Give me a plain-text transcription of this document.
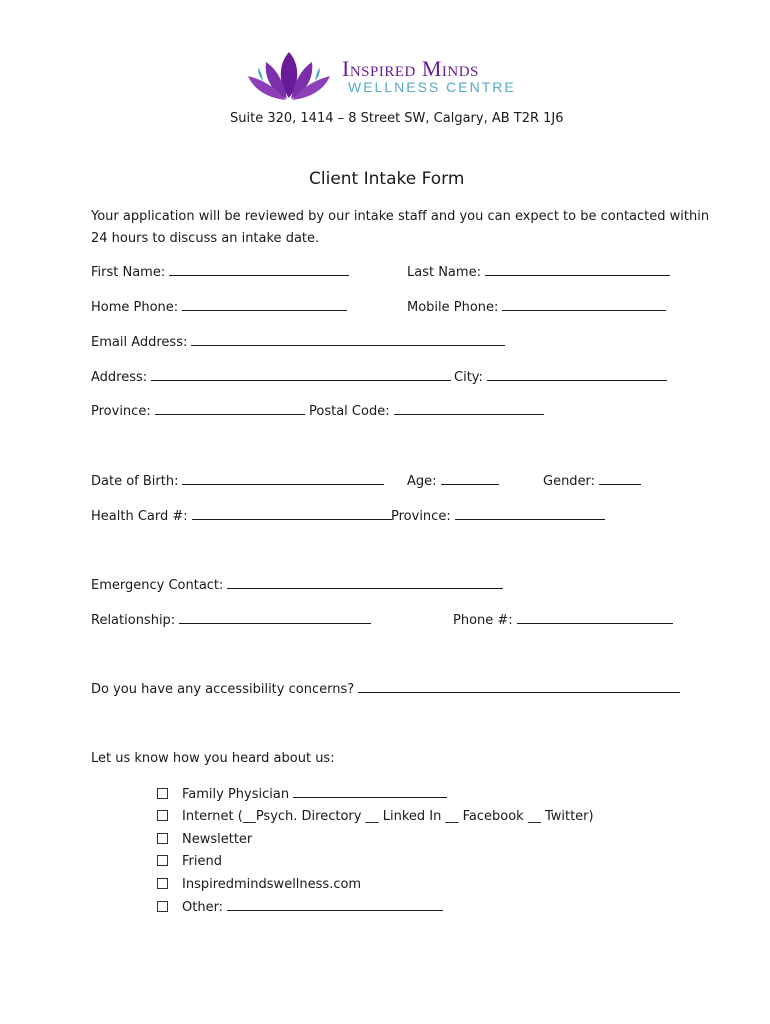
Inspired Minds
WELLNESS CENTRE
Suite 320, 1414 – 8 Street SW, Calgary, AB T2R 1J6
Client Intake Form
Your application will be reviewed by our intake staff and you can expect to be contacted within
24 hours to discuss an intake date.
First Name:	Last Name:
Home Phone:	Mobile Phone:
Email Address:
Address:	City:
Province:	Postal Code:
Date of Birth:	Age:	Gender:
Health Card #:	Province:
Emergency Contact:
Relationship:	Phone #:
Do you have any accessibility concerns?
Let us know how you heard about us:
Family Physician
Internet (__Psych. Directory __ Linked In __ Facebook __ Twitter)
Newsletter
Friend
Inspiredmindswellness.com
Other:
